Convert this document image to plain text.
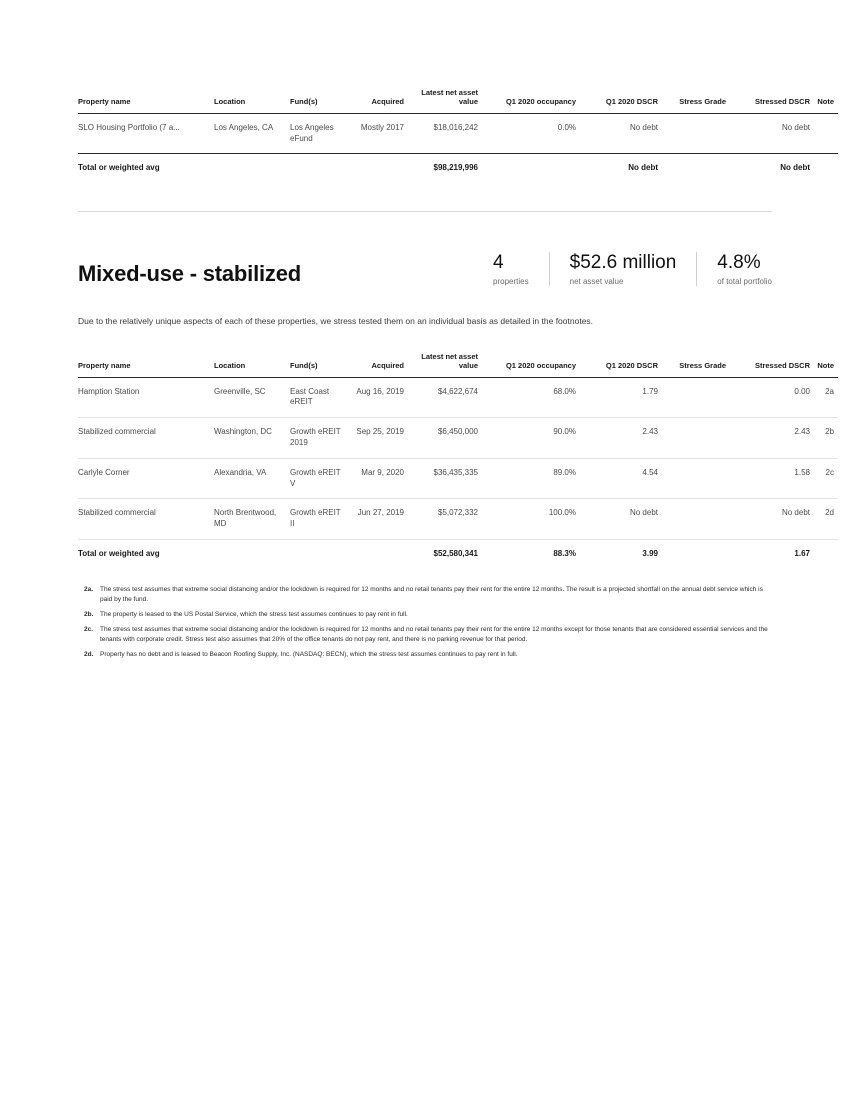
Property name	Location	Fund(s)	Acquired	Latest net asset value	Q1 2020 occupancy	Q1 2020 DSCR	Stress Grade	Stressed DSCR	Note
SLO Housing Portfolio (7 a...	Los Angeles, CA	Los Angeles eFund	Mostly 2017	$18,016,242	0.0%	No debt		No debt	
Total or weighted avg				$98,219,996		No debt		No debt	
Mixed-use - stabilized	4
properties
$52.6 million
net asset value
4.8%
of total portfolio
Due to the relatively unique aspects of each of these properties, we stress tested them on an individual basis as detailed in the footnotes.
Property name	Location	Fund(s)	Acquired	Latest net asset value	Q1 2020 occupancy	Q1 2020 DSCR	Stress Grade	Stressed DSCR	Note
Hamption Station	Greenville, SC	East Coast eREIT	Aug 16, 2019	$4,622,674	68.0%	1.79		0.00	2a
Stabilized commercial	Washington, DC	Growth eREIT 2019	Sep 25, 2019	$6,450,000	90.0%	2.43		2.43	2b
Carlyle Corner	Alexandria, VA	Growth eREIT V	Mar 9, 2020	$36,435,335	89.0%	4.54		1.58	2c
Stabilized commercial	North Brentwood, MD	Growth eREIT II	Jun 27, 2019	$5,072,332	100.0%	No debt		No debt	2d
Total or weighted avg				$52,580,341	88.3%	3.99		1.67	
2a.	The stress test assumes that extreme social distancing and/or the lockdown is required for 12 months and no retail tenants pay their rent for the entire 12 months. The result is a projected shortfall on the annual debt service which is paid by the fund.
2b.	The property is leased to the US Postal Service, which the stress test assumes continues to pay rent in full.
2c.	The stress test assumes that extreme social distancing and/or the lockdown is required for 12 months and no retail tenants pay their rent for the entire 12 months except for those tenants that are considered essential services and the tenants with corporate credit. Stress test also assumes that 20% of the office tenants do not pay rent, and there is no parking revenue for that period.
2d.	Property has no debt and is leased to Beacon Roofing Supply, Inc. (NASDAQ: BECN), which the stress test assumes continues to pay rent in full.
